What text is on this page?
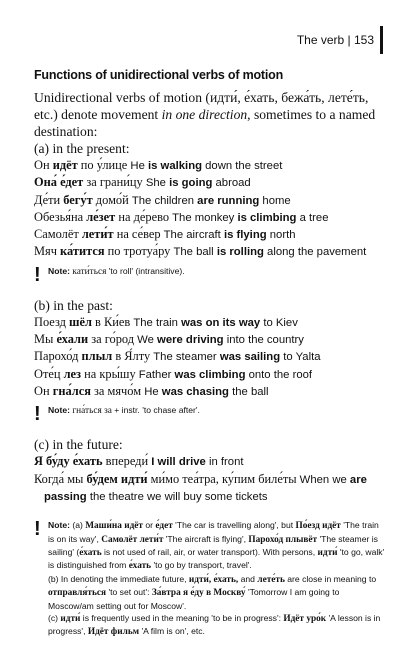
The verb | 153
Functions of unidirectional verbs of motion

Unidirectional verbs of motion (идти́, е́хать, бежа́ть, лете́ть, etc.) denote movement in one direction, sometimes to a named destination:

(a) in the present:

Он идёт по у́лице He is walking down the street

Она́ е́дет за грани́цу She is going abroad

Де́ти бегу́т домо́й The children are running home

Обезья́на ле́зет на де́рево The monkey is climbing a tree

Самолёт лети́т на се́вер The aircraft is flying north

Мяч ка́тится по тротуа́ру The ball is rolling along the pavement

! Note: кати́ться 'to roll' (intransitive).

(b) in the past:

Поезд шёл в Ки́ев The train was on its way to Kiev

Мы е́хали за го́род We were driving into the country

Парохо́д плыл в Я́лту The steamer was sailing to Yalta

Оте́ц лез на кры́шу Father was climbing onto the roof

Он гна́лся за мячо́м He was chasing the ball

! Note: гна́ться за + instr. 'to chase after'.

(c) in the future:

Я бу́ду е́хать впереди́ I will drive in front

Когда́ мы бу́дем идти́ ми́мо теа́тра, ку́пим биле́ты When we are passing the theatre we will buy some tickets

! Note: (a) Маши́на идёт or е́дет 'The car is travelling along', but По́езд идёт 'The train is on its way', Самолёт лети́т 'The aircraft is flying', Парохо́д плывёт 'The steamer is sailing' (е́хать is not used of rail, air, or water transport). With persons, идти́ 'to go, walk' is distinguished from е́хать 'to go by transport, travel'.
(b) In denoting the immediate future, идти́, е́хать, and лете́ть are close in meaning to отправля́ться 'to set out': За́втра я е́ду в Москву́ 'Tomorrow I am going to Moscow/am setting out for Moscow'.
(c) идти́ is frequently used in the meaning 'to be in progress': Идёт уро́к 'A lesson is in progress', Идёт фильм 'A film is on', etc.
